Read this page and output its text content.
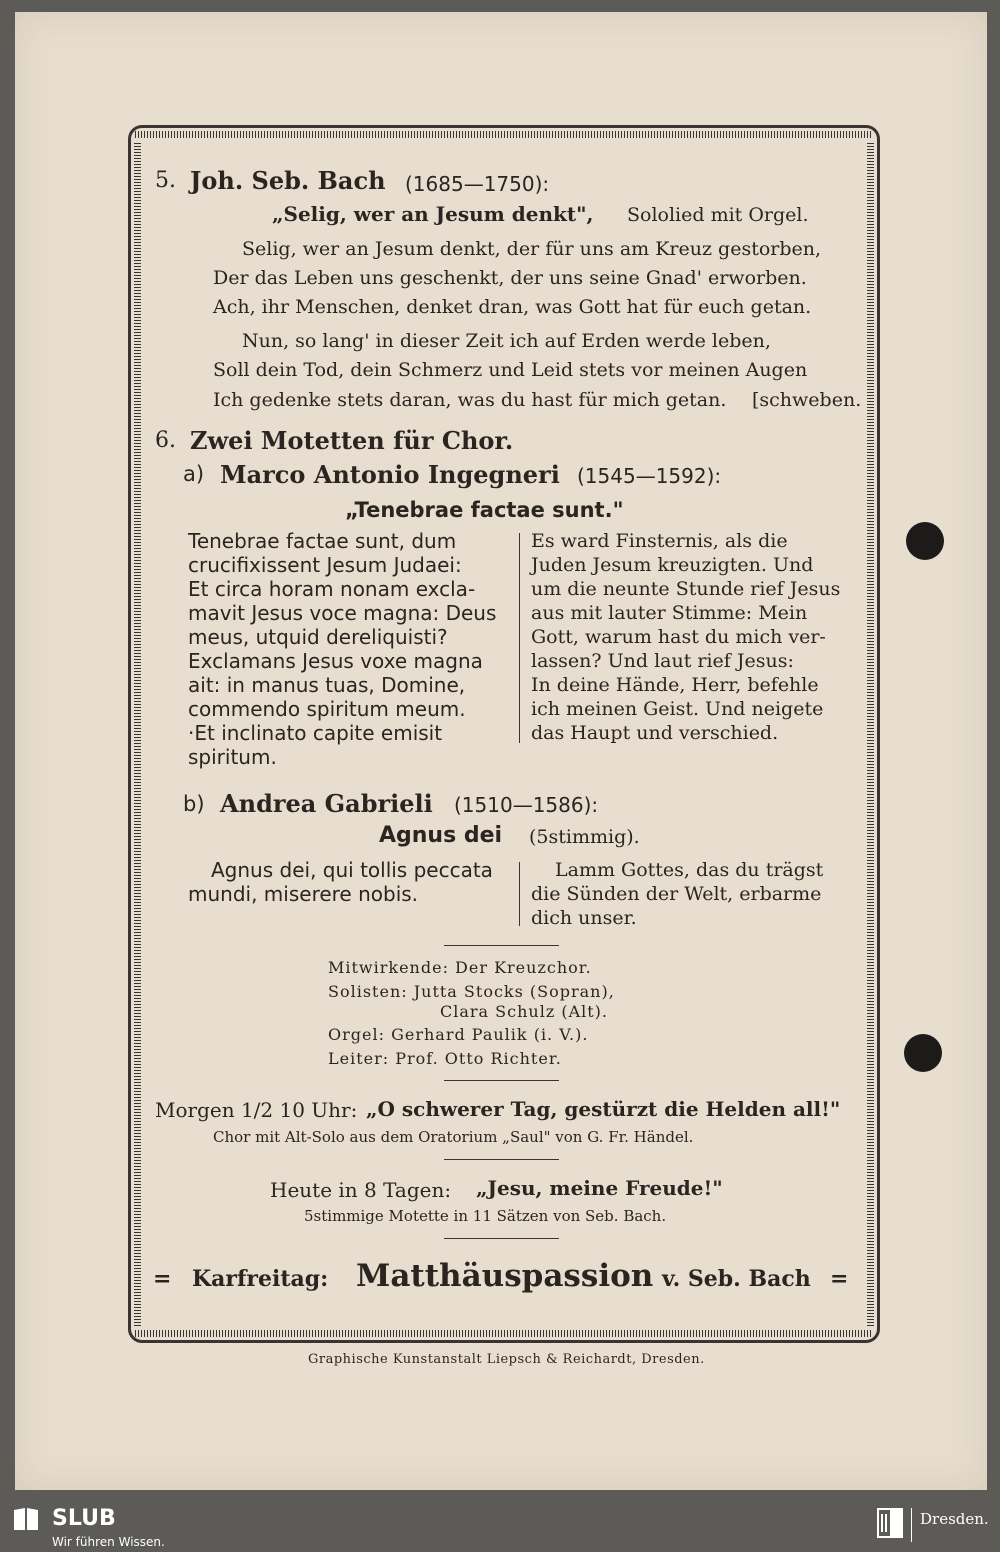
5. Joh. Seb. Bach (1685—1750):
„Selig, wer an Jesum denkt", Sololied mit Orgel.
Selig, wer an Jesum denkt, der für uns am Kreuz gestorben,
Der das Leben uns geschenkt, der uns seine Gnad' erworben.
Ach, ihr Menschen, denket dran, was Gott hat für euch getan.
Nun, so lang' in dieser Zeit ich auf Erden werde leben,
Soll dein Tod, dein Schmerz und Leid stets vor meinen Augen
Ich gedenke stets daran, was du hast für mich getan. [schweben.
6. Zwei Motetten für Chor.
a) Marco Antonio Ingegneri (1545—1592):
„Tenebrae factae sunt."
Tenebrae factae sunt, dum
crucifixissent Jesum Judaei:
Et circa horam nonam excla-
mavit Jesus voce magna: Deus
meus, utquid dereliquisti?
Exclamans Jesus voxe magna
ait: in manus tuas, Domine,
commendo spiritum meum.
·Et inclinato capite emisit
spiritum.
Es ward Finsternis, als die
Juden Jesum kreuzigten. Und
um die neunte Stunde rief Jesus
aus mit lauter Stimme: Mein
Gott, warum hast du mich ver-
lassen? Und laut rief Jesus:
In deine Hände, Herr, befehle
ich meinen Geist. Und neigete
das Haupt und verschied.
b) Andrea Gabrieli (1510—1586):
Agnus dei (5stimmig).
Agnus dei, qui tollis peccata
mundi, miserere nobis.
Lamm Gottes, das du trägst
die Sünden der Welt, erbarme
dich unser.
Mitwirkende: Der Kreuzchor.
Solisten: Jutta Stocks (Sopran),
Clara Schulz (Alt).
Orgel: Gerhard Paulik (i. V.).
Leiter: Prof. Otto Richter.
Morgen 1/2 10 Uhr: „O schwerer Tag, gestürzt die Helden all!"
Chor mit Alt-Solo aus dem Oratorium „Saul" von G. Fr. Händel.
Heute in 8 Tagen: „Jesu, meine Freude!"
5stimmige Motette in 11 Sätzen von Seb. Bach.
= Karfreitag: Matthäuspassion v. Seb. Bach =
Graphische Kunstanstalt Liepsch & Reichardt, Dresden.
SLUB
Wir führen Wissen.
Dresden.
